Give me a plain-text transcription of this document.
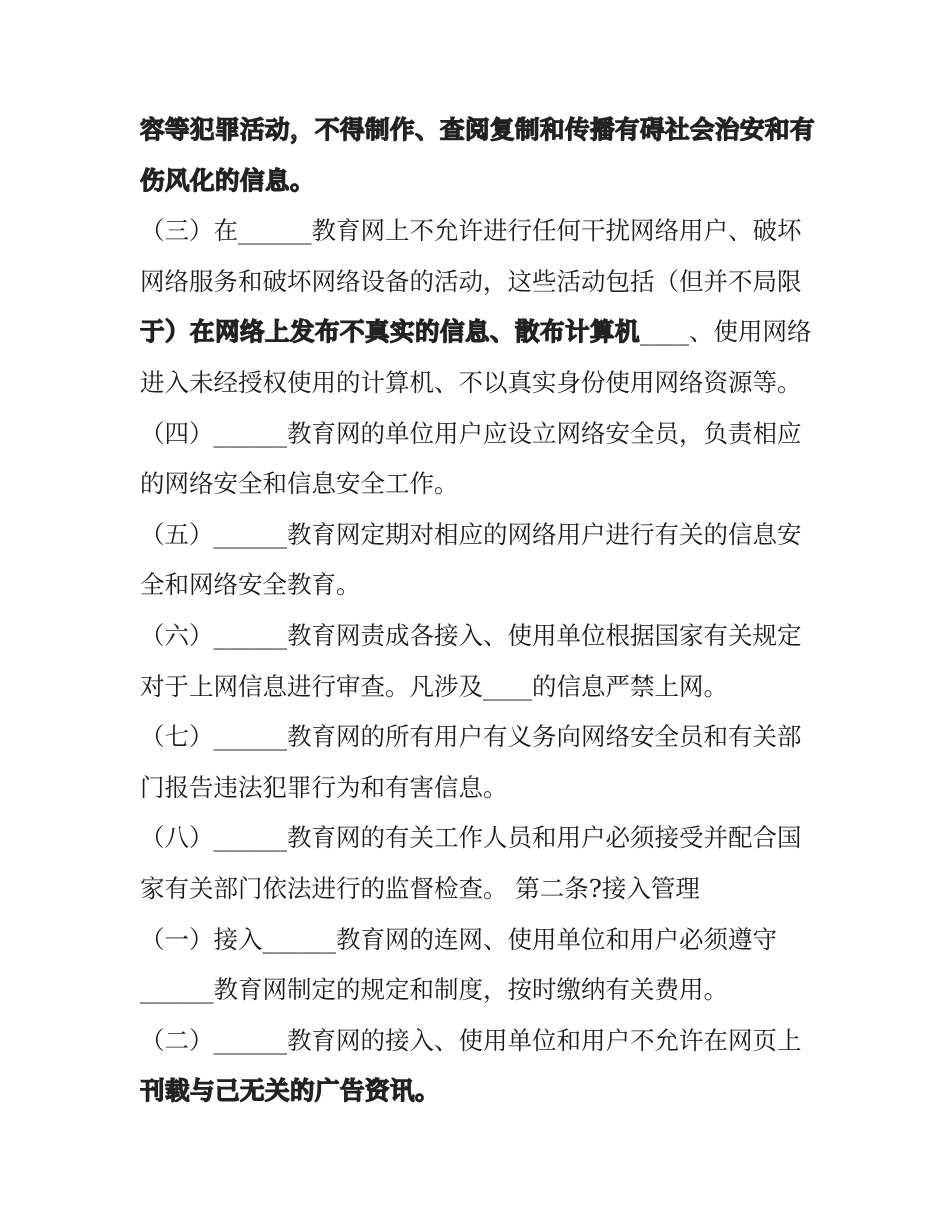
容等犯罪活动，不得制作、查阅复制和传播有碍社会治安和有
伤风化的信息。
（三）在______教育网上不允许进行任何干扰网络用户、破坏
网络服务和破坏网络设备的活动，这些活动包括（但并不局限
于）在网络上发布不真实的信息、散布计算机____、使用网络
进入未经授权使用的计算机、不以真实身份使用网络资源等。
（四）______教育网的单位用户应设立网络安全员，负责相应
的网络安全和信息安全工作。
（五）______教育网定期对相应的网络用户进行有关的信息安
全和网络安全教育。
（六）______教育网责成各接入、使用单位根据国家有关规定
对于上网信息进行审查。凡涉及____的信息严禁上网。
（七）______教育网的所有用户有义务向网络安全员和有关部
门报告违法犯罪行为和有害信息。
（八）______教育网的有关工作人员和用户必须接受并配合国
家有关部门依法进行的监督检查。 第二条?接入管理
（一）接入______教育网的连网、使用单位和用户必须遵守
______教育网制定的规定和制度，按时缴纳有关费用。
（二）______教育网的接入、使用单位和用户不允许在网页上
刊载与己无关的广告资讯。
